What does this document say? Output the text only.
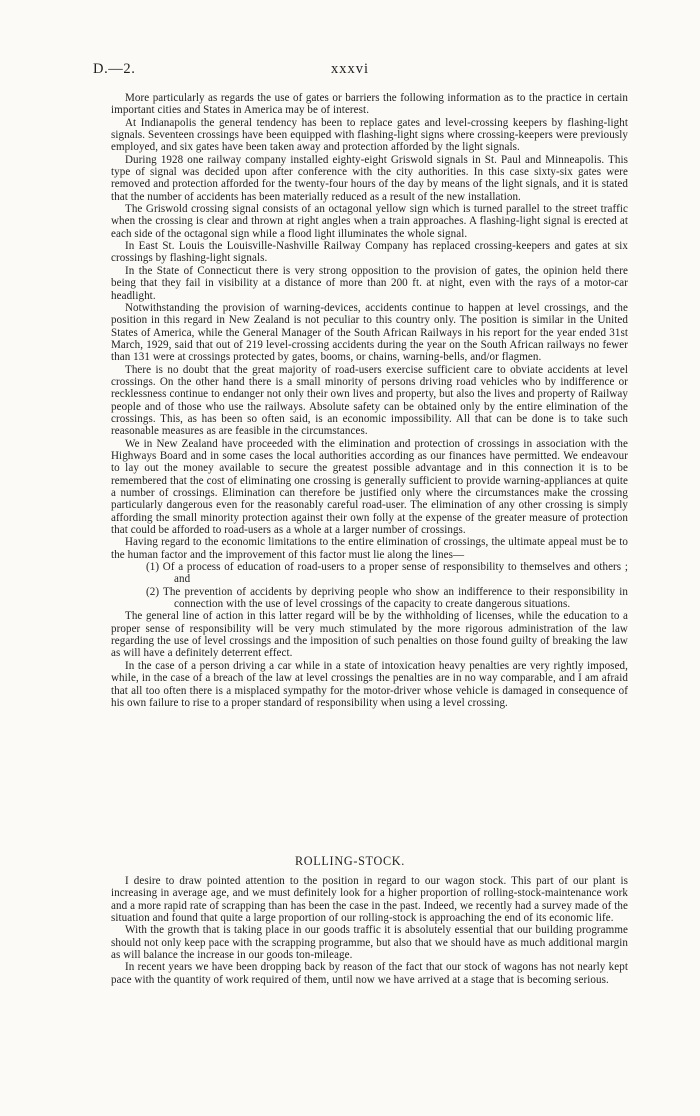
D.—2.	xxxvi

More particularly as regards the use of gates or barriers the following information as to the practice in certain important cities and States in America may be of interest.

At Indianapolis the general tendency has been to replace gates and level-crossing keepers by flashing-light signals. Seventeen crossings have been equipped with flashing-light signs where crossing-keepers were previously employed, and six gates have been taken away and protection afforded by the light signals.

During 1928 one railway company installed eighty-eight Griswold signals in St. Paul and Minneapolis. This type of signal was decided upon after conference with the city authorities. In this case sixty-six gates were removed and protection afforded for the twenty-four hours of the day by means of the light signals, and it is stated that the number of accidents has been materially reduced as a result of the new installation.

The Griswold crossing signal consists of an octagonal yellow sign which is turned parallel to the street traffic when the crossing is clear and thrown at right angles when a train approaches. A flashing-light signal is erected at each side of the octagonal sign while a flood light illuminates the whole signal.

In East St. Louis the Louisville-Nashville Railway Company has replaced crossing-keepers and gates at six crossings by flashing-light signals.

In the State of Connecticut there is very strong opposition to the provision of gates, the opinion held there being that they fail in visibility at a distance of more than 200 ft. at night, even with the rays of a motor-car headlight.

Notwithstanding the provision of warning-devices, accidents continue to happen at level crossings, and the position in this regard in New Zealand is not peculiar to this country only. The position is similar in the United States of America, while the General Manager of the South African Railways in his report for the year ended 31st March, 1929, said that out of 219 level-crossing accidents during the year on the South African railways no fewer than 131 were at crossings protected by gates, booms, or chains, warning-bells, and/or flagmen.

There is no doubt that the great majority of road-users exercise sufficient care to obviate accidents at level crossings. On the other hand there is a small minority of persons driving road vehicles who by indifference or recklessness continue to endanger not only their own lives and property, but also the lives and property of Railway people and of those who use the railways. Absolute safety can be obtained only by the entire elimination of the crossings. This, as has been so often said, is an economic impossibility. All that can be done is to take such reasonable measures as are feasible in the circumstances.

We in New Zealand have proceeded with the elimination and protection of crossings in association with the Highways Board and in some cases the local authorities according as our finances have permitted. We endeavour to lay out the money available to secure the greatest possible advantage and in this connection it is to be remembered that the cost of eliminating one crossing is generally sufficient to provide warning-appliances at quite a number of crossings. Elimination can therefore be justified only where the circumstances make the crossing particularly dangerous even for the reasonably careful road-user. The elimination of any other crossing is simply affording the small minority protection against their own folly at the expense of the greater measure of protection that could be afforded to road-users as a whole at a larger number of crossings.

Having regard to the economic limitations to the entire elimination of crossings, the ultimate appeal must be to the human factor and the improvement of this factor must lie along the lines—

(1) Of a process of education of road-users to a proper sense of responsibility to themselves and others ; and

(2) The prevention of accidents by depriving people who show an indifference to their responsibility in connection with the use of level crossings of the capacity to create dangerous situations.

The general line of action in this latter regard will be by the withholding of licenses, while the education to a proper sense of responsibility will be very much stimulated by the more rigorous administration of the law regarding the use of level crossings and the imposition of such penalties on those found guilty of breaking the law as will have a definitely deterrent effect.

In the case of a person driving a car while in a state of intoxication heavy penalties are very rightly imposed, while, in the case of a breach of the law at level crossings the penalties are in no way comparable, and I am afraid that all too often there is a misplaced sympathy for the motor-driver whose vehicle is damaged in consequence of his own failure to rise to a proper standard of responsibility when using a level crossing.

ROLLING-STOCK.

I desire to draw pointed attention to the position in regard to our wagon stock. This part of our plant is increasing in average age, and we must definitely look for a higher proportion of rolling-stock-maintenance work and a more rapid rate of scrapping than has been the case in the past. Indeed, we recently had a survey made of the situation and found that quite a large proportion of our rolling-stock is approaching the end of its economic life.

With the growth that is taking place in our goods traffic it is absolutely essential that our building programme should not only keep pace with the scrapping programme, but also that we should have as much additional margin as will balance the increase in our goods ton-mileage.

In recent years we have been dropping back by reason of the fact that our stock of wagons has not nearly kept pace with the quantity of work required of them, until now we have arrived at a stage that is becoming serious.
